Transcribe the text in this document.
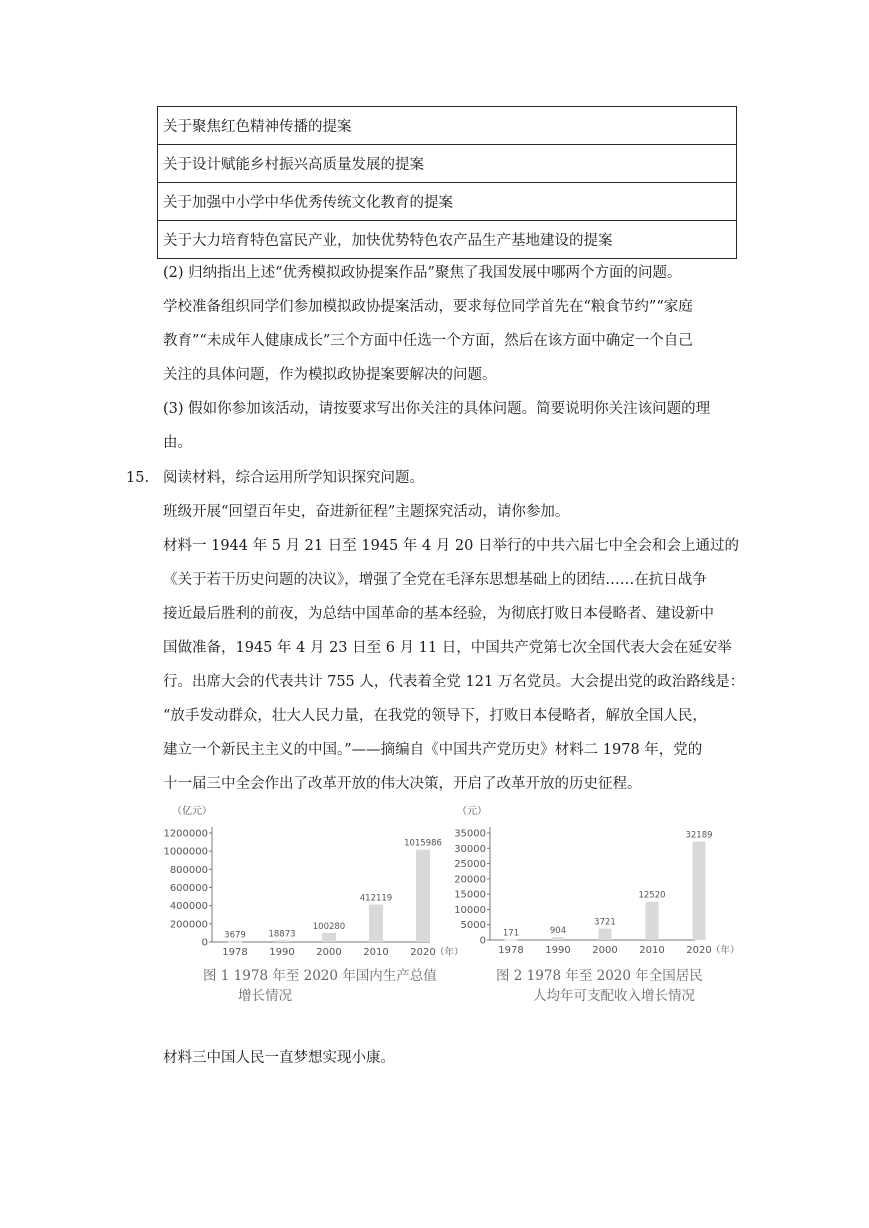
关于聚焦红色精神传播的提案
关于设计赋能乡村振兴高质量发展的提案
关于加强中小学中华优秀传统文化教育的提案
关于大力培育特色富民产业，加快优势特色农产品生产基地建设的提案
(2) 归纳指出上述“优秀模拟政协提案作品”聚焦了我国发展中哪两个方面的问题。
学校准备组织同学们参加模拟政协提案活动，要求每位同学首先在“粮食节约”“家庭
教育”“未成年人健康成长”三个方面中任选一个方面，然后在该方面中确定一个自己
关注的具体问题，作为模拟政协提案要解决的问题。
(3) 假如你参加该活动，请按要求写出你关注的具体问题。简要说明你关注该问题的理
由。
15. 阅读材料，综合运用所学知识探究问题。
班级开展“回望百年史，奋进新征程”主题探究活动，请你参加。
材料一 1944 年 5 月 21 日至 1945 年 4 月 20 日举行的中共六届七中全会和会上通过的
《关于若干历史问题的决议》，增强了全党在毛泽东思想基础上的团结……在抗日战争
接近最后胜利的前夜，为总结中国革命的基本经验，为彻底打败日本侵略者、建设新中
国做准备，1945 年 4 月 23 日至 6 月 11 日，中国共产党第七次全国代表大会在延安举
行。出席大会的代表共计 755 人，代表着全党 121 万名党员。大会提出党的政治路线是：
“放手发动群众，壮大人民力量，在我党的领导下，打败日本侵略者，解放全国人民，
建立一个新民主主义的中国。”——摘编自《中国共产党历史》材料二 1978 年，党的
十一届三中全会作出了改革开放的伟大决策，开启了改革开放的历史征程。
（亿元）
0
200000
400000
600000
800000
1000000
1200000
3679
1978
18873
1990
100280
2000
412119
2010
1015986
2020 （年）
（元）
0
5000
10000
15000
20000
25000
30000
35000
171
1978
904
1990
3721
2000
12520
2010
32189
2020 （年）
图 1 1978 年至 2020 年国内生产总值
增长情况
图 2 1978 年至 2020 年全国居民
人均年可支配收入增长情况
材料三中国人民一直梦想实现小康。
